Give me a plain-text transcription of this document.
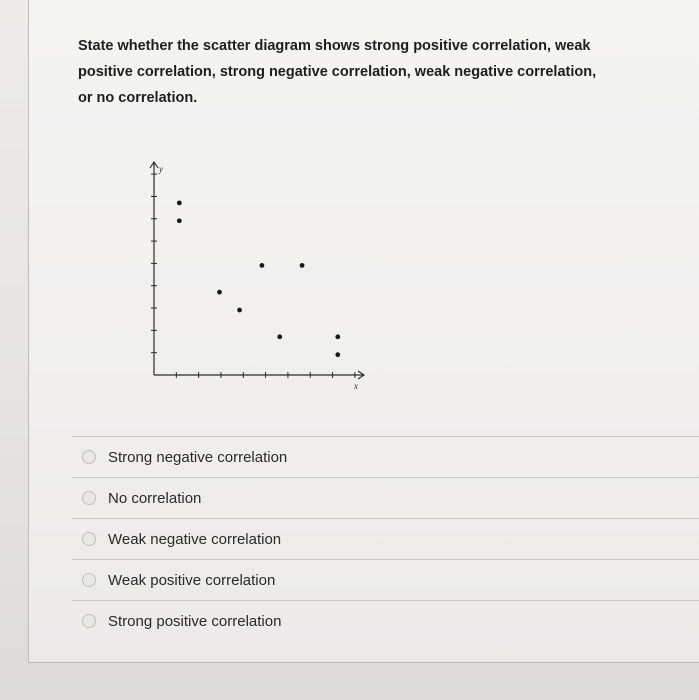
State whether the scatter diagram shows strong positive correlation, weak positive correlation, strong negative correlation, weak negative correlation, or no correlation.

x
y
Strong negative correlation
No correlation
Weak negative correlation
Weak positive correlation
Strong positive correlation
